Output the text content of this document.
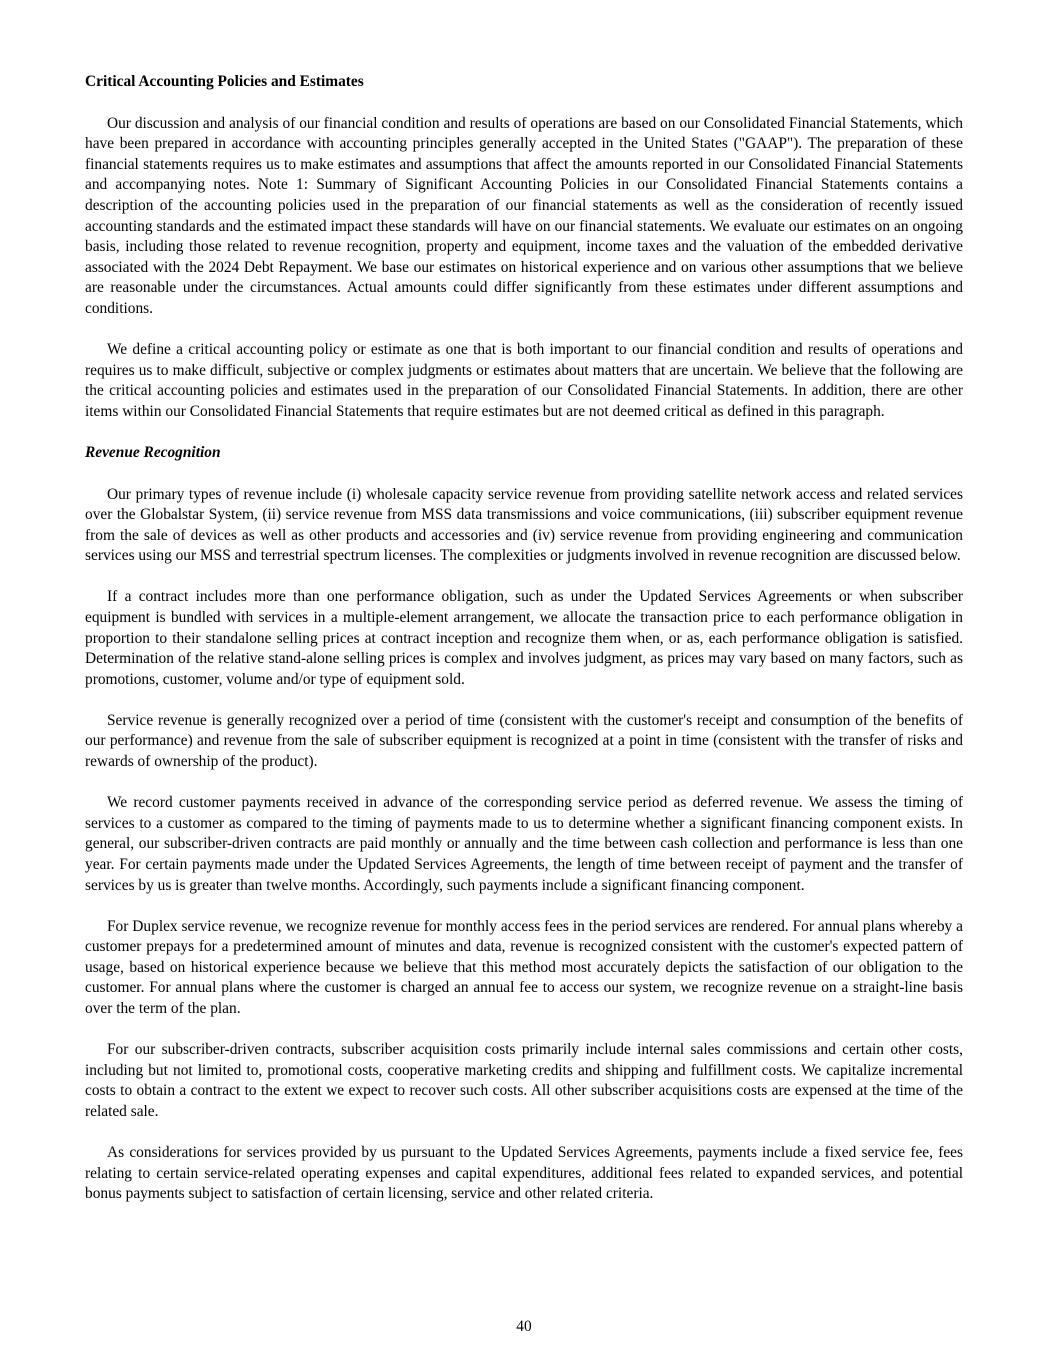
Critical Accounting Policies and Estimates

Our discussion and analysis of our financial condition and results of operations are based on our Consolidated Financial Statements, which have been prepared in accordance with accounting principles generally accepted in the United States ("GAAP"). The preparation of these financial statements requires us to make estimates and assumptions that affect the amounts reported in our Consolidated Financial Statements and accompanying notes. Note 1: Summary of Significant Accounting Policies in our Consolidated Financial Statements contains a description of the accounting policies used in the preparation of our financial statements as well as the consideration of recently issued accounting standards and the estimated impact these standards will have on our financial statements. We evaluate our estimates on an ongoing basis, including those related to revenue recognition, property and equipment, income taxes and the valuation of the embedded derivative associated with the 2024 Debt Repayment. We base our estimates on historical experience and on various other assumptions that we believe are reasonable under the circumstances. Actual amounts could differ significantly from these estimates under different assumptions and conditions.

We define a critical accounting policy or estimate as one that is both important to our financial condition and results of operations and requires us to make difficult, subjective or complex judgments or estimates about matters that are uncertain. We believe that the following are the critical accounting policies and estimates used in the preparation of our Consolidated Financial Statements. In addition, there are other items within our Consolidated Financial Statements that require estimates but are not deemed critical as defined in this paragraph.

Revenue Recognition

Our primary types of revenue include (i) wholesale capacity service revenue from providing satellite network access and related services over the Globalstar System, (ii) service revenue from MSS data transmissions and voice communications, (iii) subscriber equipment revenue from the sale of devices as well as other products and accessories and (iv) service revenue from providing engineering and communication services using our MSS and terrestrial spectrum licenses. The complexities or judgments involved in revenue recognition are discussed below.

If a contract includes more than one performance obligation, such as under the Updated Services Agreements or when subscriber equipment is bundled with services in a multiple-element arrangement, we allocate the transaction price to each performance obligation in proportion to their standalone selling prices at contract inception and recognize them when, or as, each performance obligation is satisfied. Determination of the relative stand-alone selling prices is complex and involves judgment, as prices may vary based on many factors, such as promotions, customer, volume and/or type of equipment sold.

Service revenue is generally recognized over a period of time (consistent with the customer's receipt and consumption of the benefits of our performance) and revenue from the sale of subscriber equipment is recognized at a point in time (consistent with the transfer of risks and rewards of ownership of the product).

We record customer payments received in advance of the corresponding service period as deferred revenue. We assess the timing of services to a customer as compared to the timing of payments made to us to determine whether a significant financing component exists. In general, our subscriber-driven contracts are paid monthly or annually and the time between cash collection and performance is less than one year. For certain payments made under the Updated Services Agreements, the length of time between receipt of payment and the transfer of services by us is greater than twelve months. Accordingly, such payments include a significant financing component.

For Duplex service revenue, we recognize revenue for monthly access fees in the period services are rendered. For annual plans whereby a customer prepays for a predetermined amount of minutes and data, revenue is recognized consistent with the customer's expected pattern of usage, based on historical experience because we believe that this method most accurately depicts the satisfaction of our obligation to the customer. For annual plans where the customer is charged an annual fee to access our system, we recognize revenue on a straight-line basis over the term of the plan.

For our subscriber-driven contracts, subscriber acquisition costs primarily include internal sales commissions and certain other costs, including but not limited to, promotional costs, cooperative marketing credits and shipping and fulfillment costs. We capitalize incremental costs to obtain a contract to the extent we expect to recover such costs. All other subscriber acquisitions costs are expensed at the time of the related sale.

As considerations for services provided by us pursuant to the Updated Services Agreements, payments include a fixed service fee, fees relating to certain service-related operating expenses and capital expenditures, additional fees related to expanded services, and potential bonus payments subject to satisfaction of certain licensing, service and other related criteria.

40
